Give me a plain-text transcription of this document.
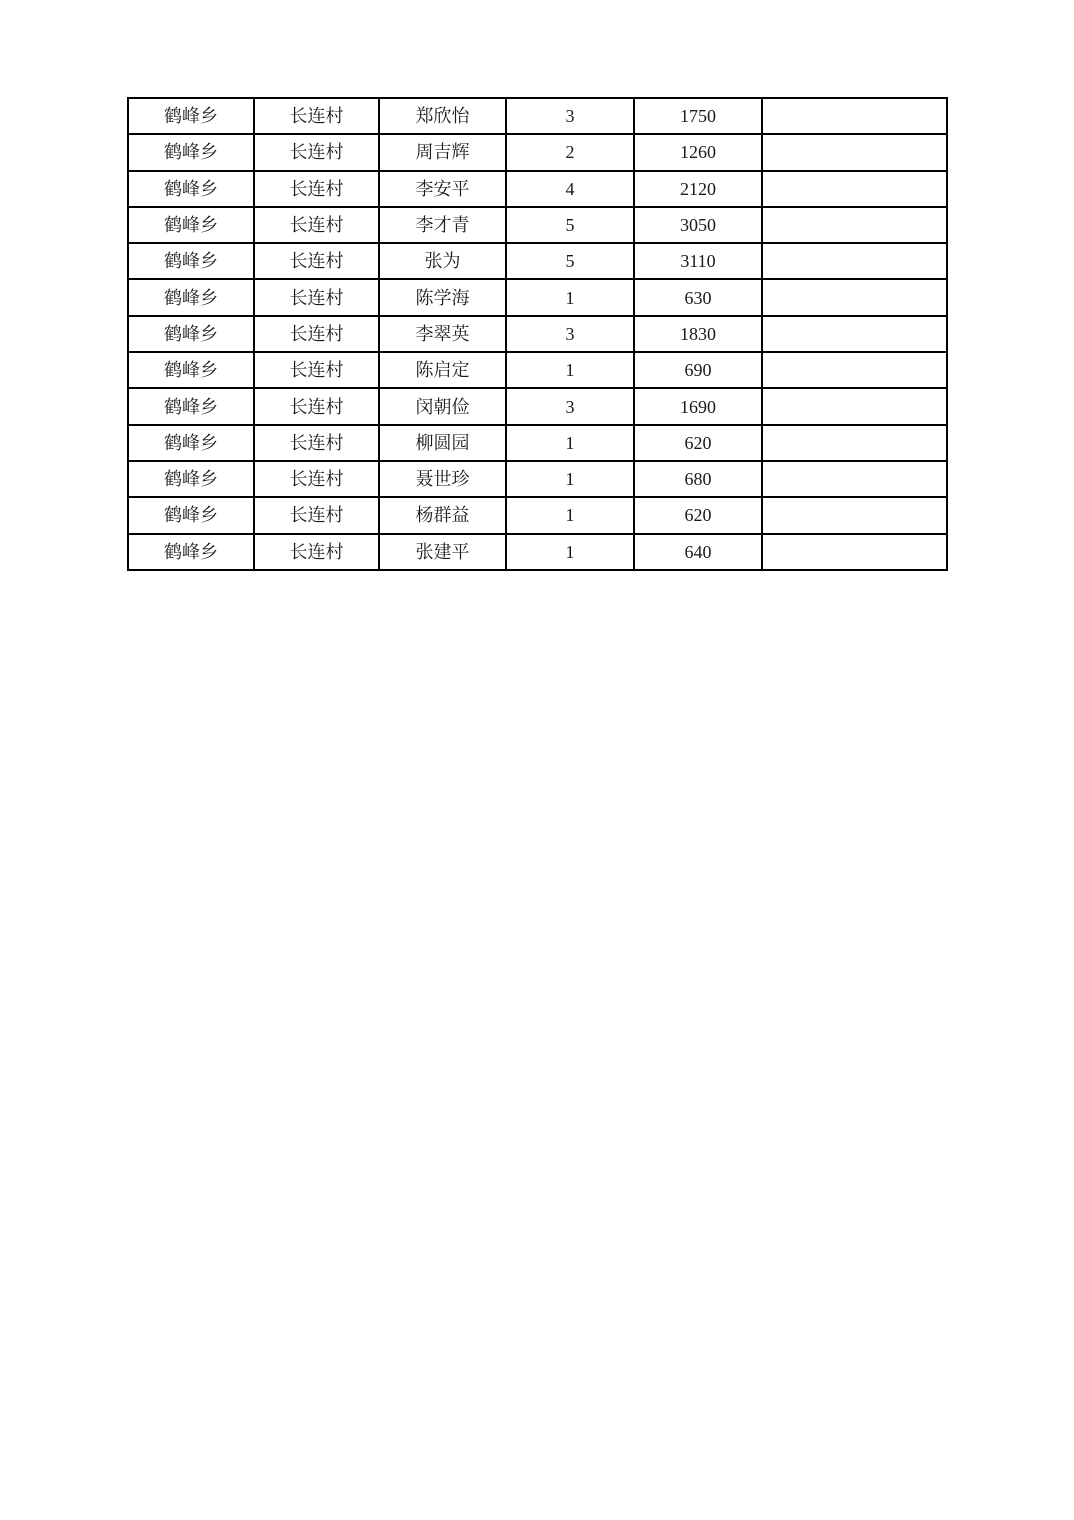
鹤峰乡	长连村	郑欣怡	3	1750	
鹤峰乡	长连村	周吉辉	2	1260	
鹤峰乡	长连村	李安平	4	2120	
鹤峰乡	长连村	李才青	5	3050	
鹤峰乡	长连村	张为	5	3110	
鹤峰乡	长连村	陈学海	1	630	
鹤峰乡	长连村	李翠英	3	1830	
鹤峰乡	长连村	陈启定	1	690	
鹤峰乡	长连村	闵朝俭	3	1690	
鹤峰乡	长连村	柳圆园	1	620	
鹤峰乡	长连村	聂世珍	1	680	
鹤峰乡	长连村	杨群益	1	620	
鹤峰乡	长连村	张建平	1	640	
